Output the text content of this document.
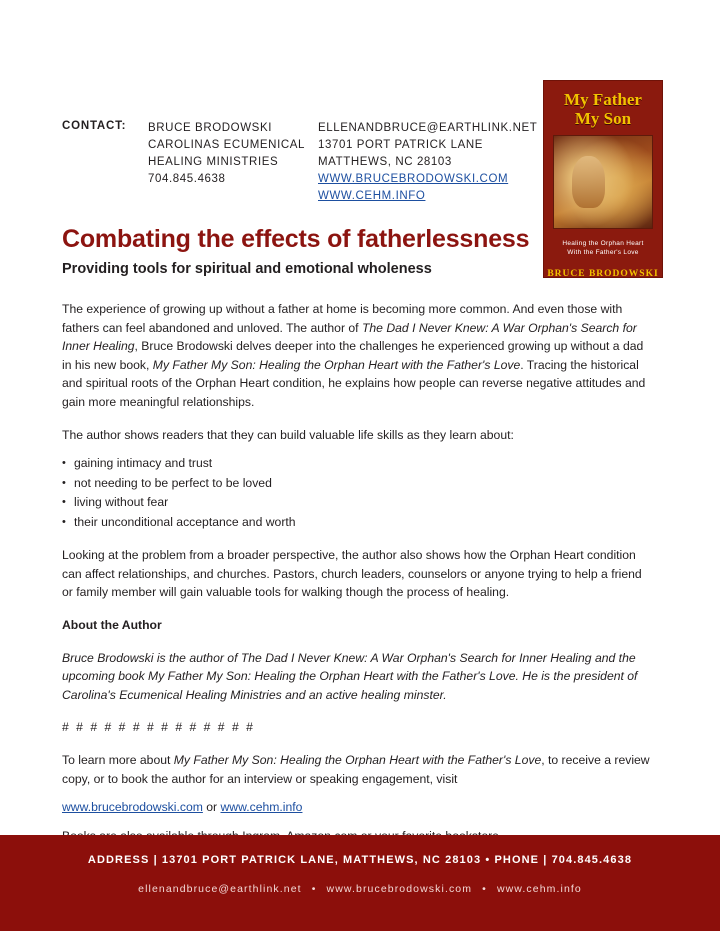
CONTACT:	BRUCE BRODOWSKI
CAROLINAS ECUMENICAL
HEALING MINISTRIES
704.845.4638
ELLENANDBRUCE@EARTHLINK.NET
13701 PORT PATRICK LANE
MATTHEWS, NC 28103
WWW.BRUCEBRODOWSKI.COM
WWW.CEHM.INFO
My Father
My Son
Healing the Orphan Heart
With the Father's Love
BRUCE BRODOWSKI
Combating the effects of fatherlessness
Providing tools for spiritual and emotional wholeness

The experience of growing up without a father at home is becoming more common. And even those with fathers can feel abandoned and unloved. The author of The Dad I Never Knew: A War Orphan's Search for Inner Healing, Bruce Brodowski delves deeper into the challenges he experienced growing up without a dad in his new book, My Father My Son: Healing the Orphan Heart with the Father's Love. Tracing the historical and spiritual roots of the Orphan Heart condition, he explains how people can reverse negative attitudes and gain more meaningful relationships.

The author shows readers that they can build valuable life skills as they learn about:

• gaining intimacy and trust
• not needing to be perfect to be loved
• living without fear
• their unconditional acceptance and worth

Looking at the problem from a broader perspective, the author also shows how the Orphan Heart condition can affect relationships, and churches. Pastors, church leaders, counselors or anyone trying to help a friend or family member will gain valuable tools for walking though the process of healing.

About the Author

Bruce Brodowski is the author of The Dad I Never Knew: A War Orphan's Search for Inner Healing and the upcoming book My Father My Son: Healing the Orphan Heart with the Father's Love. He is the president of Carolina's Ecumenical Healing Ministries and an active healing minster.

# # # # # # # # # # # # # #

To learn more about My Father My Son: Healing the Orphan Heart with the Father's Love, to receive a review copy, or to book the author for an interview or speaking engagement, visit

www.brucebrodowski.com or www.cehm.info

ADDRESS | 13701 PORT PATRICK LANE, MATTHEWS, NC 28103 • PHONE | 704.845.4638
ellenandbruce@earthlink.net • www.brucebrodowski.com • www.cehm.info
